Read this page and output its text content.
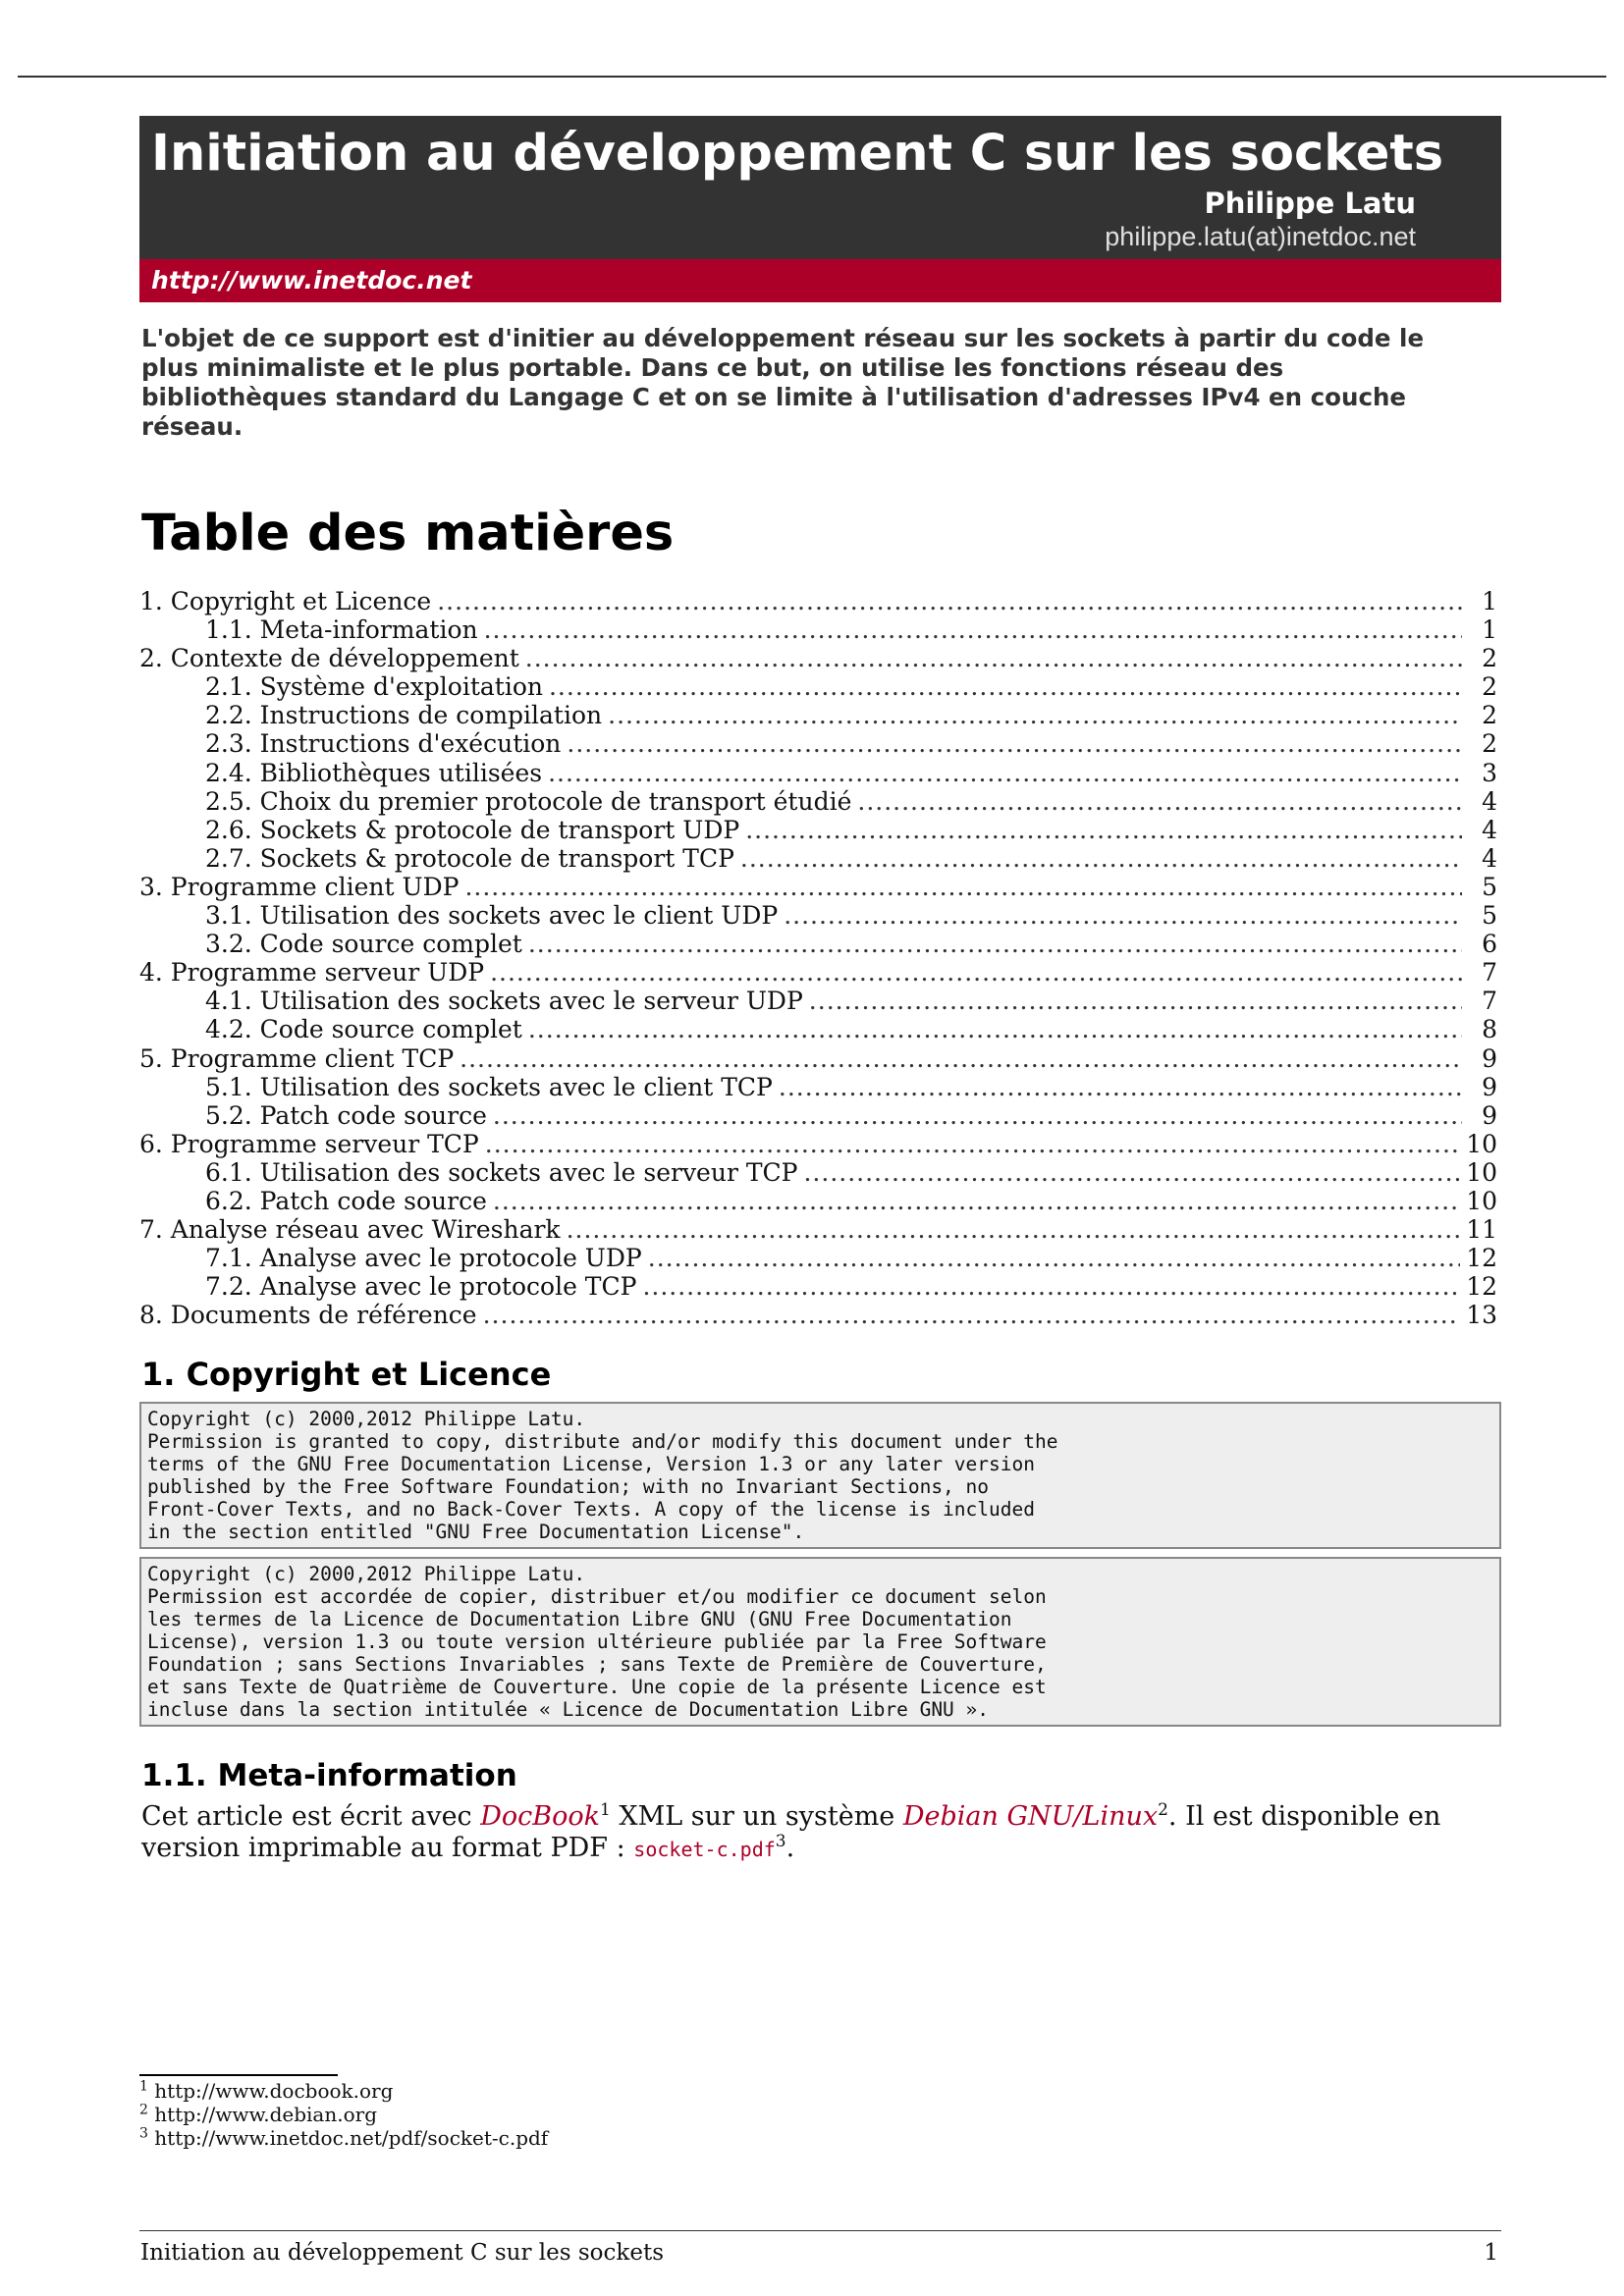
Initiation au développement C sur les sockets
Philippe Latu
philippe.latu(at)inetdoc.net
http://www.inetdoc.net
L'objet de ce support est d'initier au développement réseau sur les sockets à partir du code le plus minimaliste et le plus portable. Dans ce but, on utilise les fonctions réseau des bibliothèques standard du Langage C et on se limite à l'utilisation d'adresses IPv4 en couche réseau.
Table des matières
1. Copyright et Licence .....	1
1.1. Meta-information .....	1
2. Contexte de développement .....	2
2.1. Système d'exploitation .....	2
2.2. Instructions de compilation .....	2
2.3. Instructions d'exécution .....	2
2.4. Bibliothèques utilisées .....	3
2.5. Choix du premier protocole de transport étudié .....	4
2.6. Sockets & protocole de transport UDP .....	4
2.7. Sockets & protocole de transport TCP .....	4
3. Programme client UDP .....	5
3.1. Utilisation des sockets avec le client UDP .....	5
3.2. Code source complet .....	6
4. Programme serveur UDP .....	7
4.1. Utilisation des sockets avec le serveur UDP .....	7
4.2. Code source complet .....	8
5. Programme client TCP .....	9
5.1. Utilisation des sockets avec le client TCP .....	9
5.2. Patch code source .....	9
6. Programme serveur TCP .....	10
6.1. Utilisation des sockets avec le serveur TCP .....	10
6.2. Patch code source .....	10
7. Analyse réseau avec Wireshark .....	11
7.1. Analyse avec le protocole UDP .....	12
7.2. Analyse avec le protocole TCP .....	12
8. Documents de référence .....	13
1. Copyright et Licence
Copyright (c) 2000,2012 Philippe Latu.
Permission is granted to copy, distribute and/or modify this document under the
terms of the GNU Free Documentation License, Version 1.3 or any later version
published by the Free Software Foundation; with no Invariant Sections, no
Front-Cover Texts, and no Back-Cover Texts. A copy of the license is included
in the section entitled "GNU Free Documentation License".
Copyright (c) 2000,2012 Philippe Latu.
Permission est accordée de copier, distribuer et/ou modifier ce document selon
les termes de la Licence de Documentation Libre GNU (GNU Free Documentation
License), version 1.3 ou toute version ultérieure publiée par la Free Software
Foundation ; sans Sections Invariables ; sans Texte de Première de Couverture,
et sans Texte de Quatrième de Couverture. Une copie de la présente Licence est
incluse dans la section intitulée « Licence de Documentation Libre GNU ».
1.1. Meta-information
Cet article est écrit avec DocBook$^1$ XML sur un système Debian GNU/Linux$^2$. Il est disponible en version imprimable au format PDF : socket-c.pdf$^3$.
$^1$ http://www.docbook.org
$^2$ http://www.debian.org
$^3$ http://www.inetdoc.net/pdf/socket-c.pdf
Initiation au développement C sur les sockets	1
